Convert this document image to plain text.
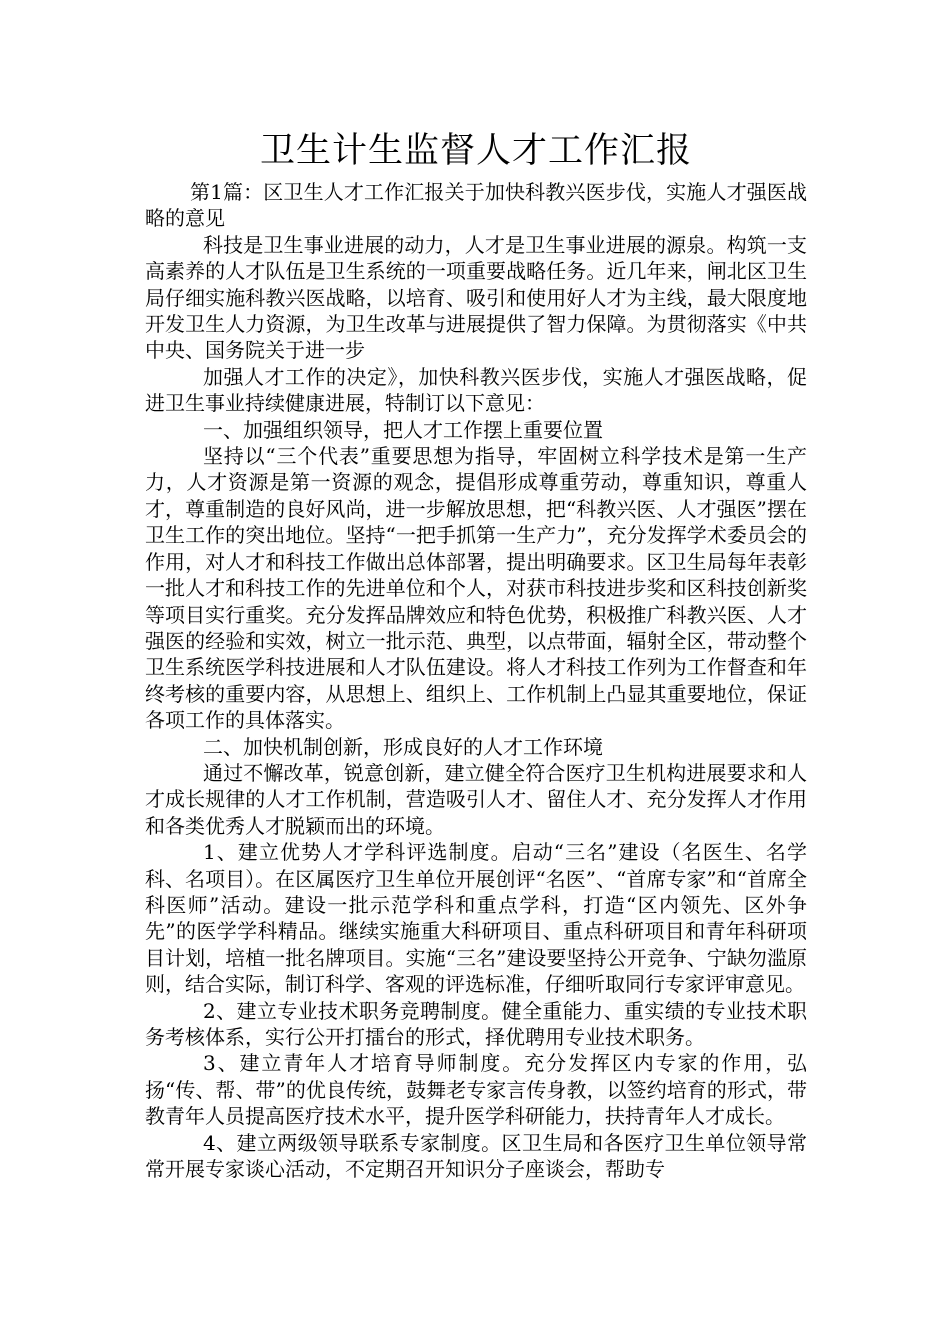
卫生计生监督人才工作汇报

第1篇：区卫生人才工作汇报关于加快科教兴医步伐，实施人才强医战略的意见

科技是卫生事业进展的动力，人才是卫生事业进展的源泉。构筑一支高素养的人才队伍是卫生系统的一项重要战略任务。近几年来，闸北区卫生局仔细实施科教兴医战略，以培育、吸引和使用好人才为主线，最大限度地开发卫生人力资源，为卫生改革与进展提供了智力保障。为贯彻落实《中共中央、国务院关于进一步

加强人才工作的决定》，加快科教兴医步伐，实施人才强医战略，促进卫生事业持续健康进展，特制订以下意见：

一、加强组织领导，把人才工作摆上重要位置

坚持以“三个代表”重要思想为指导，牢固树立科学技术是第一生产力，人才资源是第一资源的观念，提倡形成尊重劳动，尊重知识，尊重人才，尊重制造的良好风尚，进一步解放思想，把“科教兴医、人才强医”摆在卫生工作的突出地位。坚持“一把手抓第一生产力”，充分发挥学术委员会的作用，对人才和科技工作做出总体部署，提出明确要求。区卫生局每年表彰一批人才和科技工作的先进单位和个人，对获市科技进步奖和区科技创新奖等项目实行重奖。充分发挥品牌效应和特色优势，积极推广科教兴医、人才强医的经验和实效，树立一批示范、典型，以点带面，辐射全区，带动整个卫生系统医学科技进展和人才队伍建设。将人才科技工作列为工作督查和年终考核的重要内容，从思想上、组织上、工作机制上凸显其重要地位，保证各项工作的具体落实。

二、加快机制创新，形成良好的人才工作环境

通过不懈改革，锐意创新，建立健全符合医疗卫生机构进展要求和人才成长规律的人才工作机制，营造吸引人才、留住人才、充分发挥人才作用和各类优秀人才脱颖而出的环境。

1、建立优势人才学科评选制度。启动“三名”建设（名医生、名学科、名项目）。在区属医疗卫生单位开展创评“名医”、“首席专家”和“首席全科医师”活动。建设一批示范学科和重点学科，打造“区内领先、区外争先”的医学学科精品。继续实施重大科研项目、重点科研项目和青年科研项目计划，培植一批名牌项目。实施“三名”建设要坚持公开竞争、宁缺勿滥原则，结合实际，制订科学、客观的评选标准，仔细听取同行专家评审意见。

2、建立专业技术职务竞聘制度。健全重能力、重实绩的专业技术职务考核体系，实行公开打擂台的形式，择优聘用专业技术职务。

3、建立青年人才培育导师制度。充分发挥区内专家的作用，弘扬“传、帮、带”的优良传统，鼓舞老专家言传身教，以签约培育的形式，带教青年人员提高医疗技术水平，提升医学科研能力，扶持青年人才成长。

4、建立两级领导联系专家制度。区卫生局和各医疗卫生单位领导常常开展专家谈心活动，不定期召开知识分子座谈会，帮助专
